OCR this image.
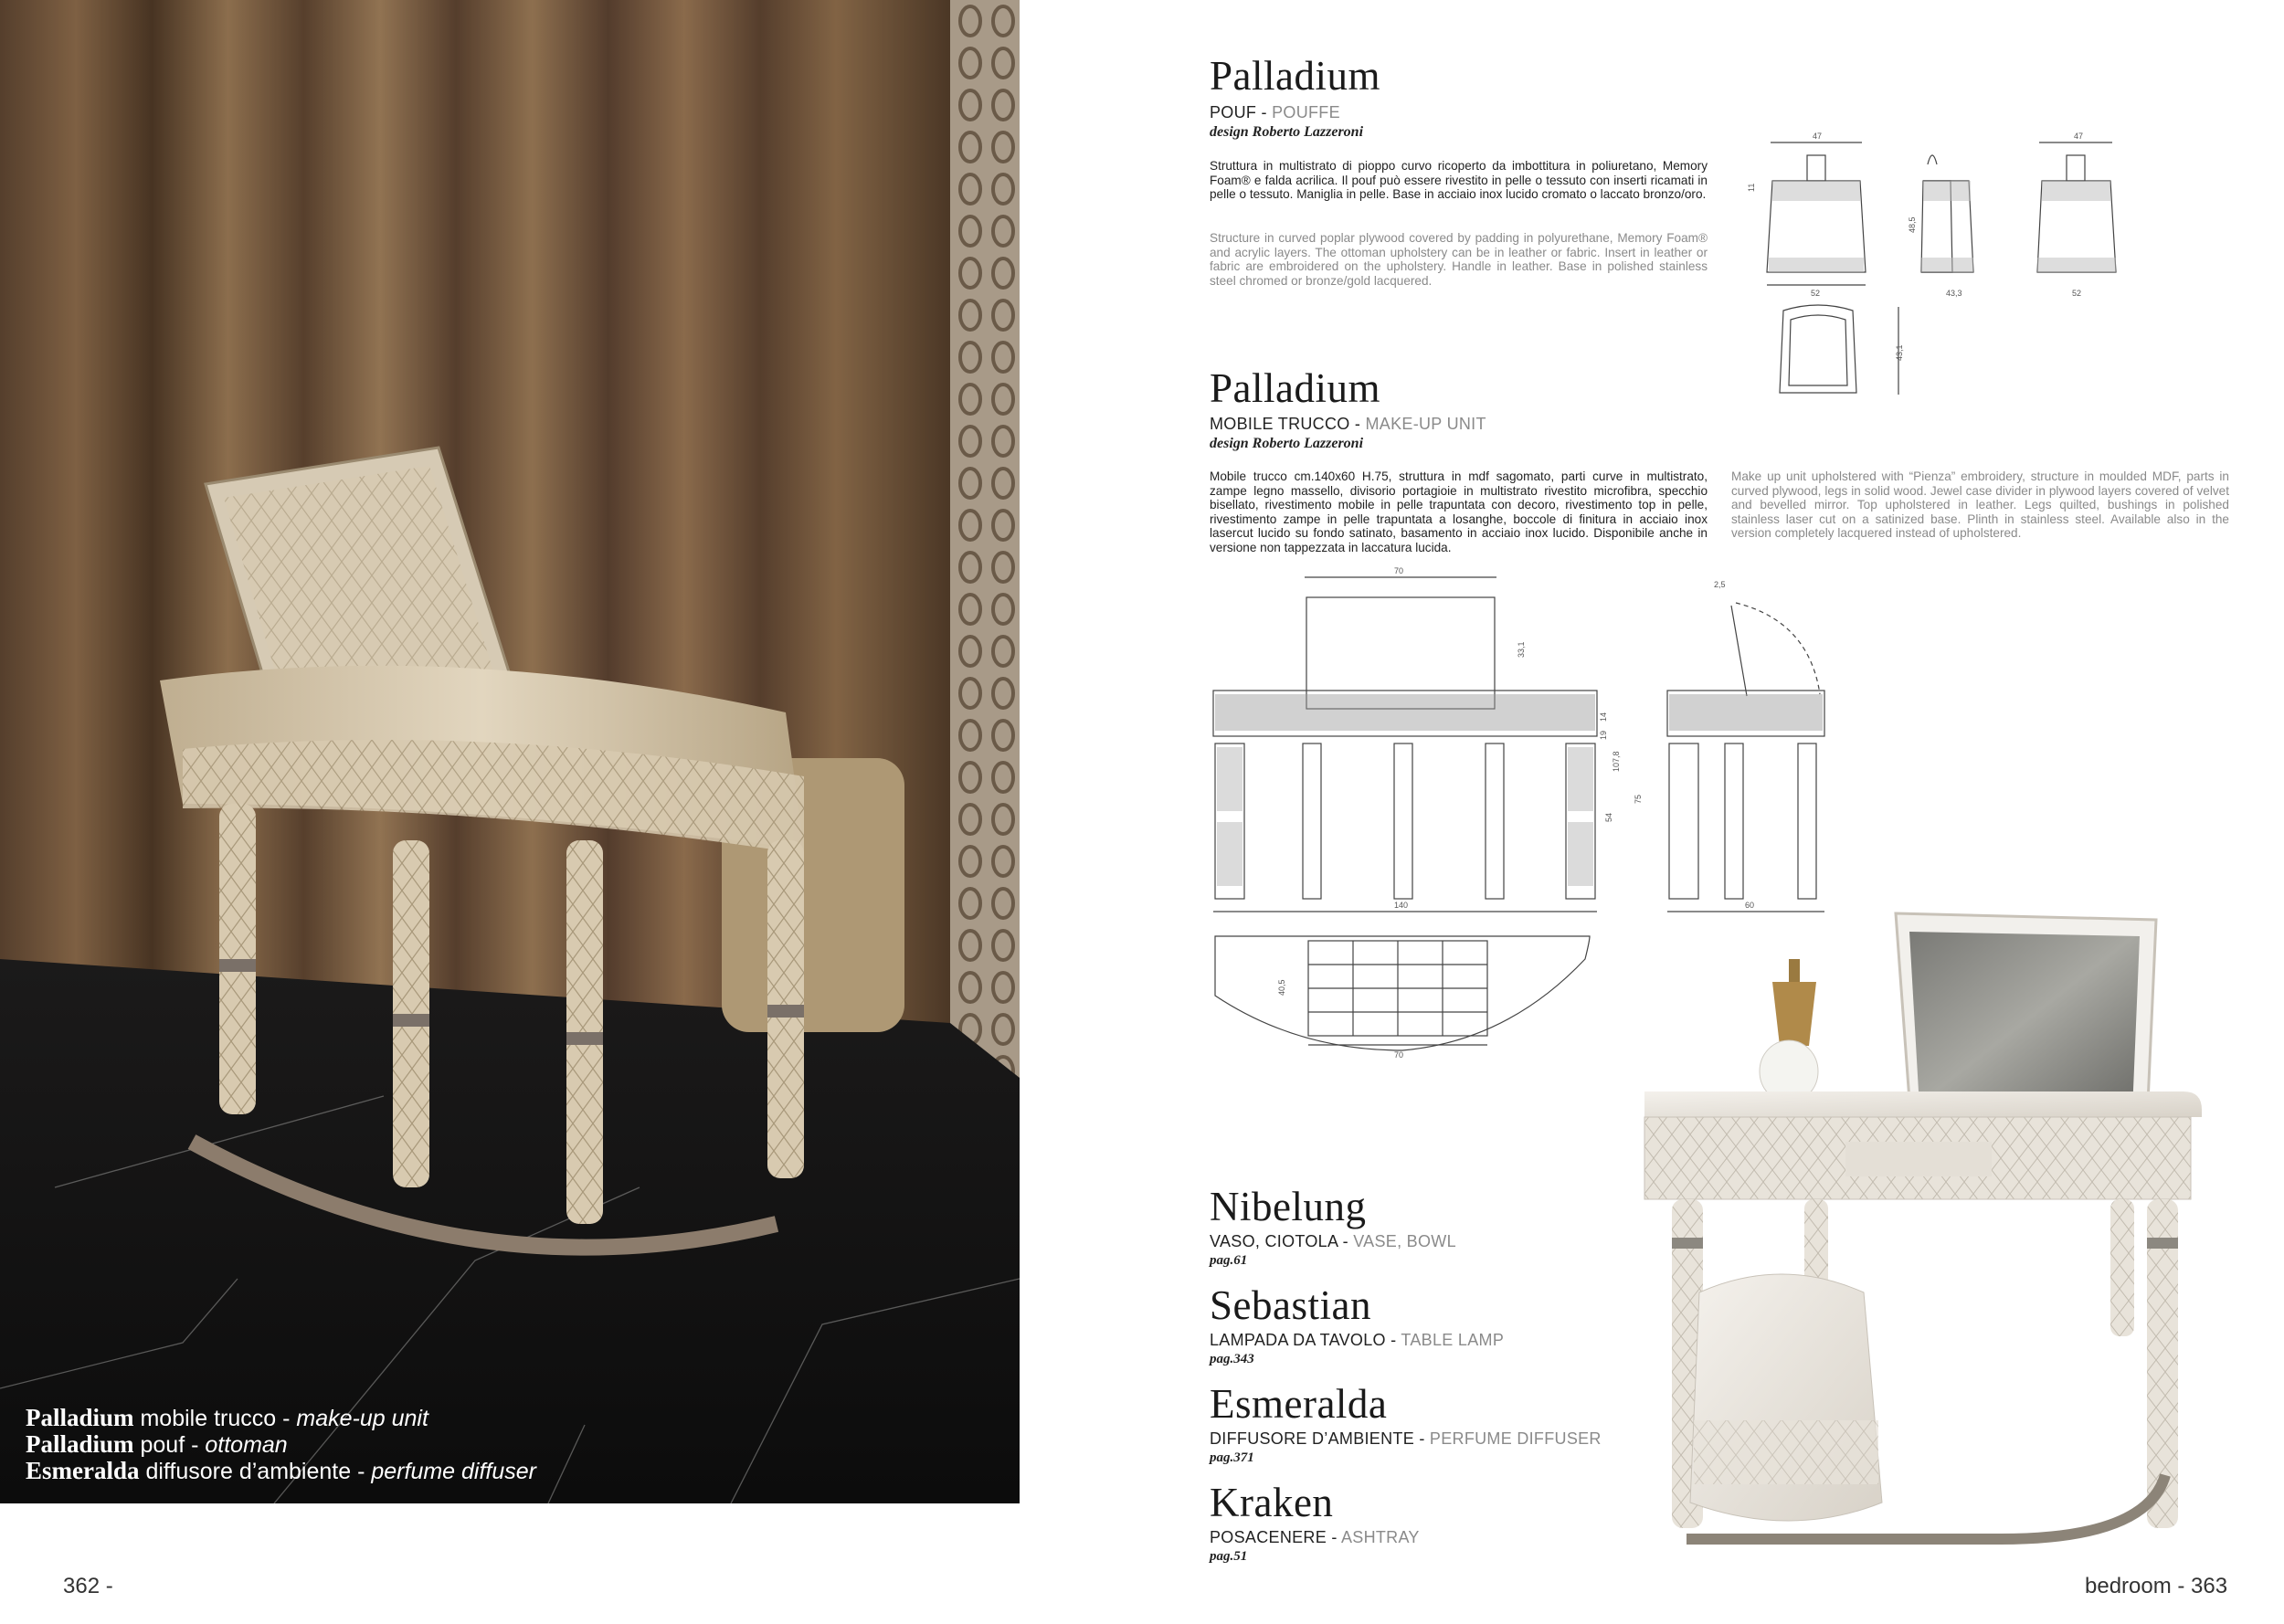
Palladium mobile trucco - make-up unit
Palladium pouf - ottoman
Esmeralda diffusore d’ambiente - perfume diffuser
362 -
Palladium
POUF - POUFFE
design Roberto Lazzeroni
Struttura in multistrato di pioppo curvo ricoperto da imbottitura in poliuretano, Memory Foam® e falda acrilica. Il pouf può essere rivestito in pelle o tessuto con inserti ricamati in pelle o tessuto. Maniglia in pelle. Base in acciaio inox lucido cromato o laccato bronzo/oro.
Structure in curved poplar plywood covered by padding in polyurethane, Memory Foam® and acrylic layers. The ottoman upholstery can be in leather or fabric. Insert in leather or fabric are embroidered on the upholstery. Handle in leather. Base in polished stainless steel chromed or bronze/gold lacquered.
47
11
52
48,5
43,3
47
52
43,1
Palladium
MOBILE TRUCCO - MAKE-UP UNIT
design Roberto Lazzeroni
Mobile trucco cm.140x60 H.75, struttura in mdf sagomato, parti curve in multistrato, zampe legno massello, divisorio portagioie in multistrato rivestito microfibra, specchio bisellato, rivestimento mobile in pelle trapuntata con decoro, rivestimento top in pelle, rivestimento zampe in pelle trapuntata a losanghe, boccole di finitura in acciaio inox lasercut lucido su fondo satinato, basamento in acciaio inox lucido. Disponibile anche in versione non tappezzata in laccatura lucida.
Make up unit upholstered with “Pienza” embroidery, structure in moulded MDF, parts in curved plywood, legs in solid wood. Jewel case divider in plywood layers covered of velvet and bevelled mirror. Top upholstered in leather. Legs quilted, bushings in polished stainless laser cut on a satinized base. Plinth in stainless steel. Available also in the version completely lacquered instead of upholstered.
70
33,1
14
19
107,8
75
54
140
2,5
60
40,5
70
Nibelung
VASO, CIOTOLA - VASE, BOWL
pag.61
Sebastian
LAMPADA DA TAVOLO - TABLE LAMP
pag.343
Esmeralda
DIFFUSORE D’AMBIENTE - PERFUME DIFFUSER
pag.371
Kraken
POSACENERE - ASHTRAY
pag.51
bedroom - 363
